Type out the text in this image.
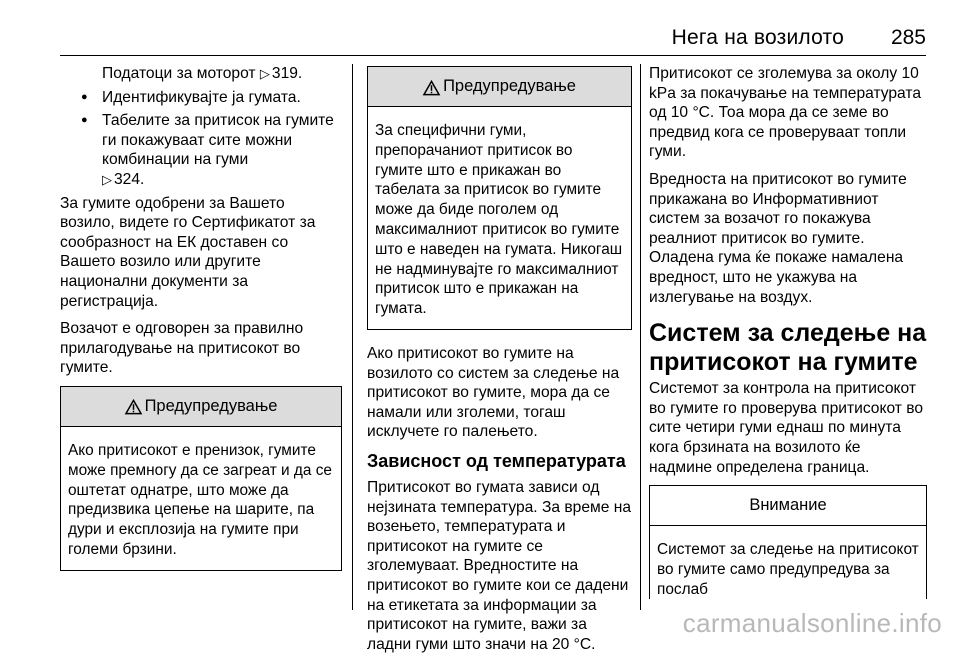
Нега на возилото 285

Податоци за моторот ▷ 319.

● Идентификувајте ја гумата.

● Табелите за притисок на гумите ги покажуваат сите можни комбинации на гуми
▷ 324.

За гумите одобрени за Вашето возило, видете го Сертификатот за сообразност на ЕК доставен со Вашето возило или другите национални документи за регистрација.

Возачот е одговорен за правилно прилагодување на притисокот во гумите.

Предупредување
Ако притисокот е пренизок, гумите може премногу да се загреат и да се оштетат однатре, што може да предизвика цепење на шарите, па дури и експлозија на гумите при големи брзини.
Предупредување
За специфични гуми, препорачаниот притисок во гумите што е прикажан во табелата за притисок во гумите може да биде поголем од максималниот притисок во гумите што е наведен на гумата. Никогаш не надминувајте го максималниот притисок што е прикажан на гумата.

Ако притисокот во гумите на возилото со систем за следење на притисокот во гумите, мора да се намали или зголеми, тогаш исклучете го палењето.

Зависност од температурата

Притисокот во гумата зависи од нејзината температура. За време на возењето, температурата и притисокот на гумите се зголемуваат. Вредностите на притисокот во гумите кои се дадени на етикетата за информации за притисокот на гумите, важи за ладни гуми што значи на 20 °C.

Притисокот се зголемува за околу 10 kPa за покачување на температурата од 10 °C. Тоа мора да се земе во предвид кога се проверуваат топли гуми.

Вредноста на притисокот во гумите прикажана во Информативниот систем за возачот го покажува реалниот притисок во гумите. Оладена гума ќе покаже намалена вредност, што не укажува на излегување на воздух.

Систем за следење на притисокот на гумите

Системот за контрола на притисокот во гумите го проверува притисокот во сите четири гуми еднаш по минута кога брзината на возилото ќе надмине определена граница.

Внимание
Системот за следење на притисокот во гумите само предупредува за послаб
carmanualsonline.info
